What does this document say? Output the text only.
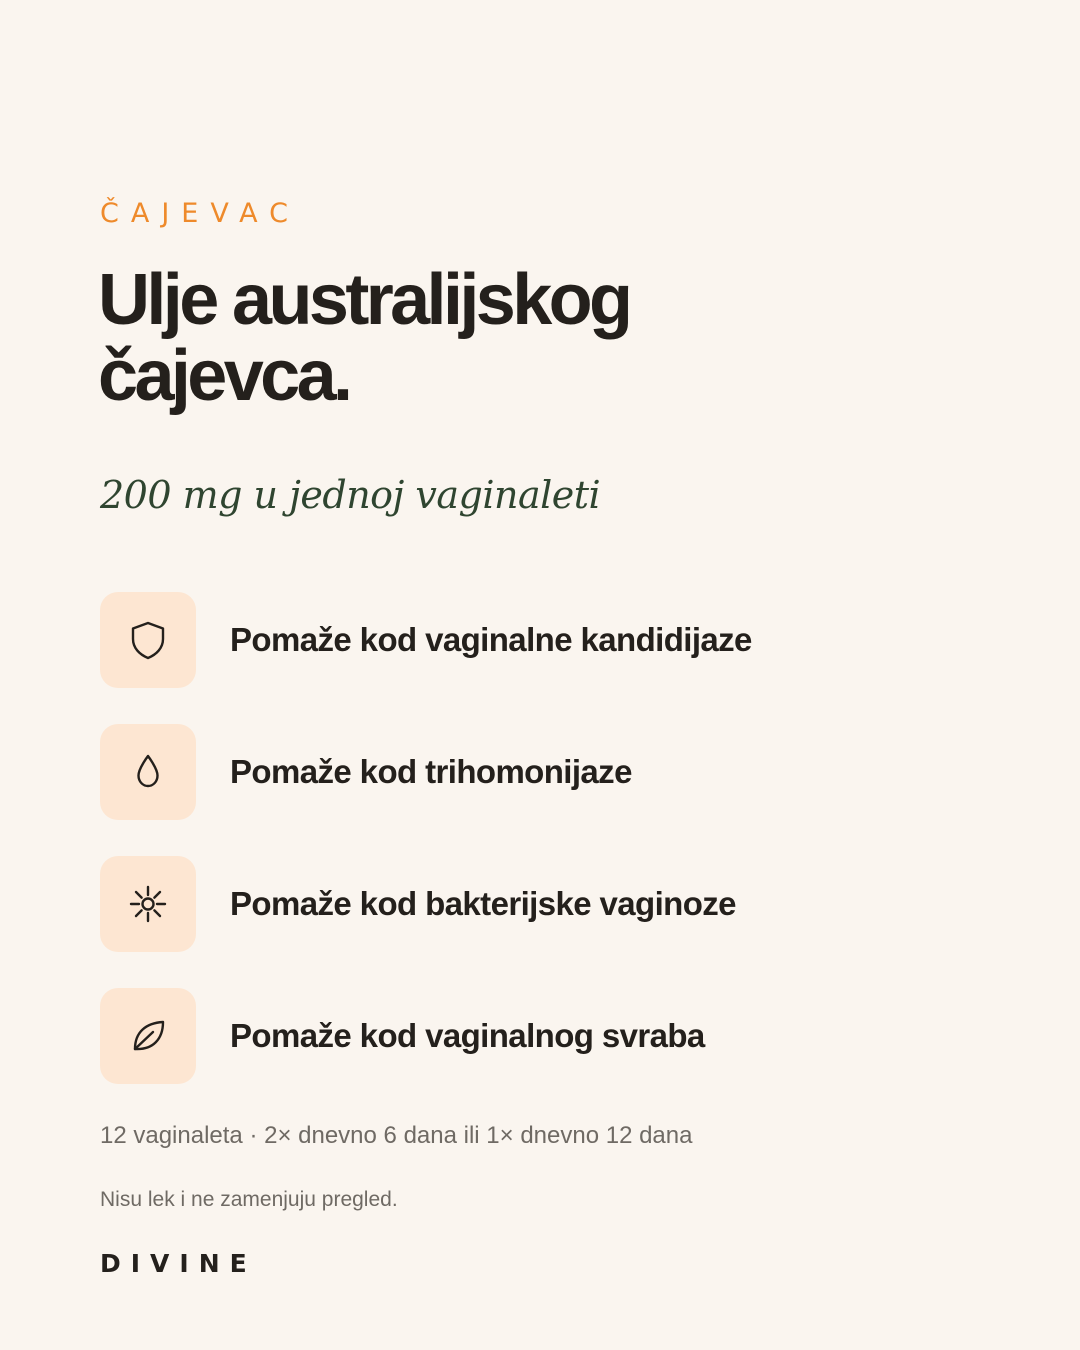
ČAJEVAC

Ulje australijskog čajevca.

200 mg u jednoj vaginaleti

Pomaže kod vaginalne kandidijaze
Pomaže kod trihomonijaze
Pomaže kod bakterijske vaginoze
Pomaže kod vaginalnog svraba

12 vaginaleta · 2× dnevno 6 dana ili 1× dnevno 12 dana

Nisu lek i ne zamenjuju pregled.

DIVINE
